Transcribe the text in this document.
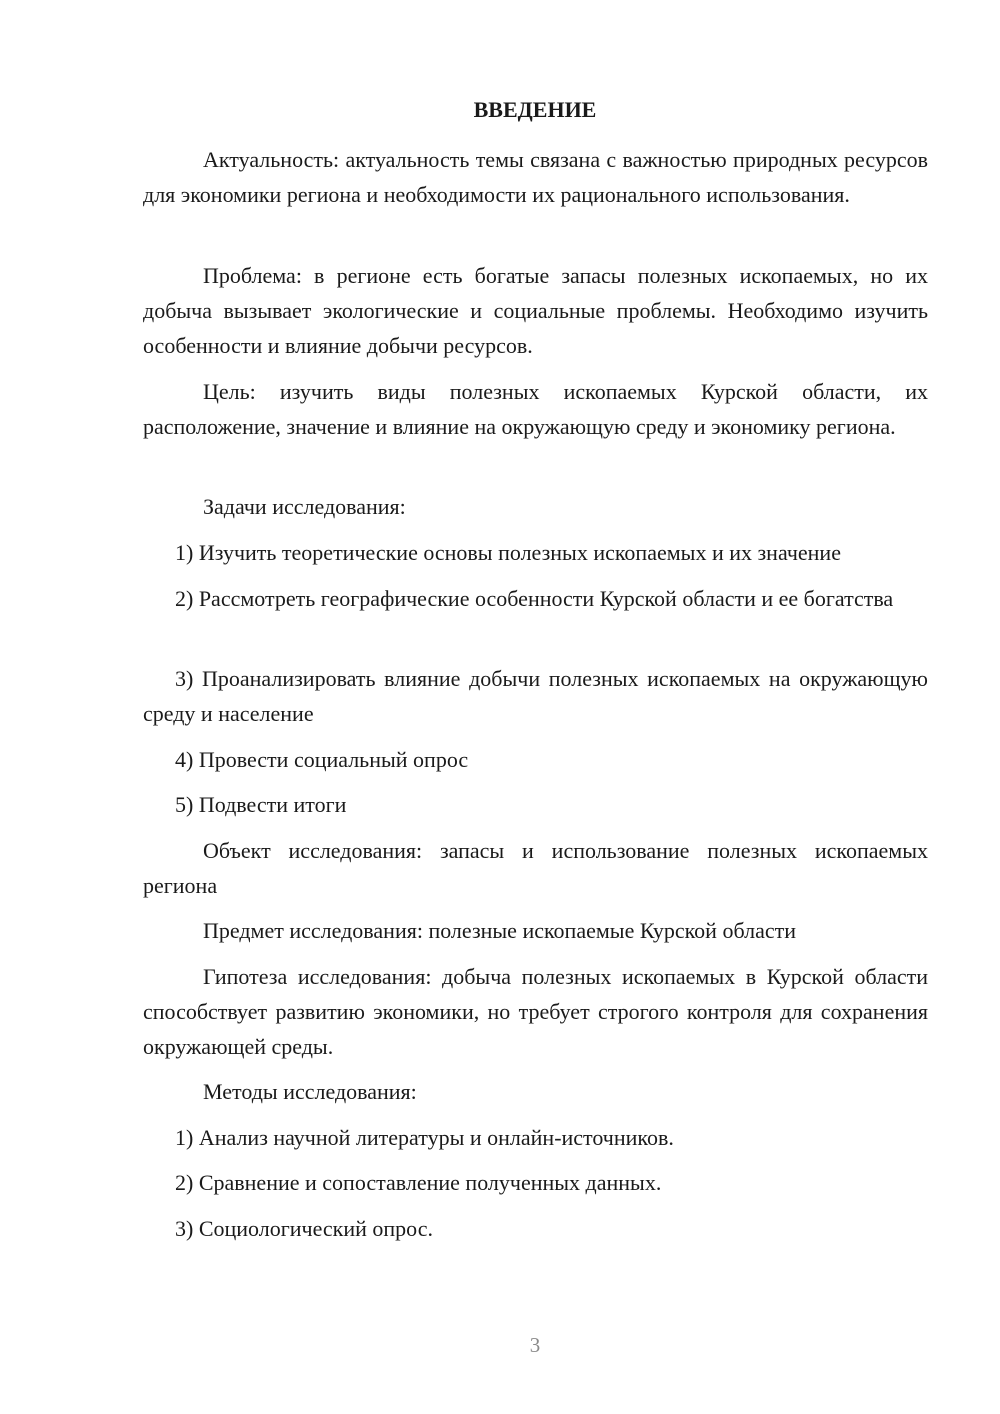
ВВЕДЕНИЕ

Актуальность: актуальность темы связана с важностью природных ресурсов для экономики региона и необходимости их рационального использования.

Проблема: в регионе есть богатые запасы полезных ископаемых, но их добыча вызывает экологические и социальные проблемы. Необходимо изучить особенности и влияние добычи ресурсов.

Цель: изучить виды полезных ископаемых Курской области, их расположение, значение и влияние на окружающую среду и экономику региона.

Задачи исследования:

1) Изучить теоретические основы полезных ископаемых и их значение

2) Рассмотреть географические особенности Курской области и ее богатства

3) Проанализировать влияние добычи полезных ископаемых на окружающую среду и население

4) Провести социальный опрос

5) Подвести итоги

Объект исследования: запасы и использование полезных ископаемых региона

Предмет исследования: полезные ископаемые Курской области

Гипотеза исследования: добыча полезных ископаемых в Курской области способствует развитию экономики, но требует строгого контроля для сохранения окружающей среды.

Методы исследования:

1) Анализ научной литературы и онлайн-источников.

2) Сравнение и сопоставление полученных данных.

3) Социологический опрос.

3
